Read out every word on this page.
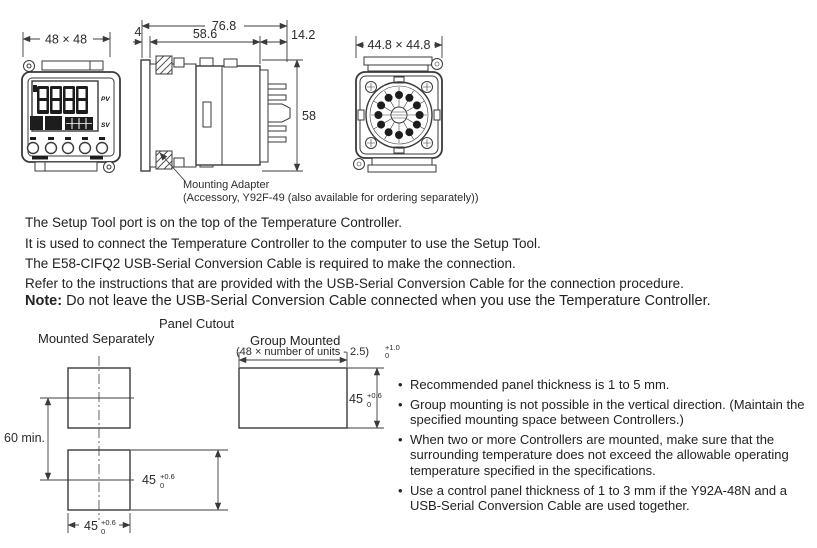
48 × 48
PV
SV
76.8
4	58.6	14.2
58
44.8 × 44.8
Mounting Adapter
(Accessory, Y92F-49 (also available for ordering separately))
The Setup Tool port is on the top of the Temperature Controller.
It is used to connect the Temperature Controller to the computer to use the Setup Tool.
The E58-CIFQ2 USB-Serial Conversion Cable is required to make the connection.
Refer to the instructions that are provided with the USB-Serial Conversion Cable for the connection procedure.
Note: Do not leave the USB-Serial Conversion Cable connected when you use the Temperature Controller.
Panel Cutout
Mounted Separately	Group Mounted
60 min.
45 +0.6
0
45 +0.6
0
(48 × number of units - 2.5) +1.0
0
45 +0.6
0
• Recommended panel thickness is 1 to 5 mm.
• Group mounting is not possible in the vertical direction. (Maintain the specified mounting space between Controllers.)
• When two or more Controllers are mounted, make sure that the surrounding temperature does not exceed the allowable operating temperature specified in the specifications.
• Use a control panel thickness of 1 to 3 mm if the Y92A-48N and a USB-Serial Conversion Cable are used together.
